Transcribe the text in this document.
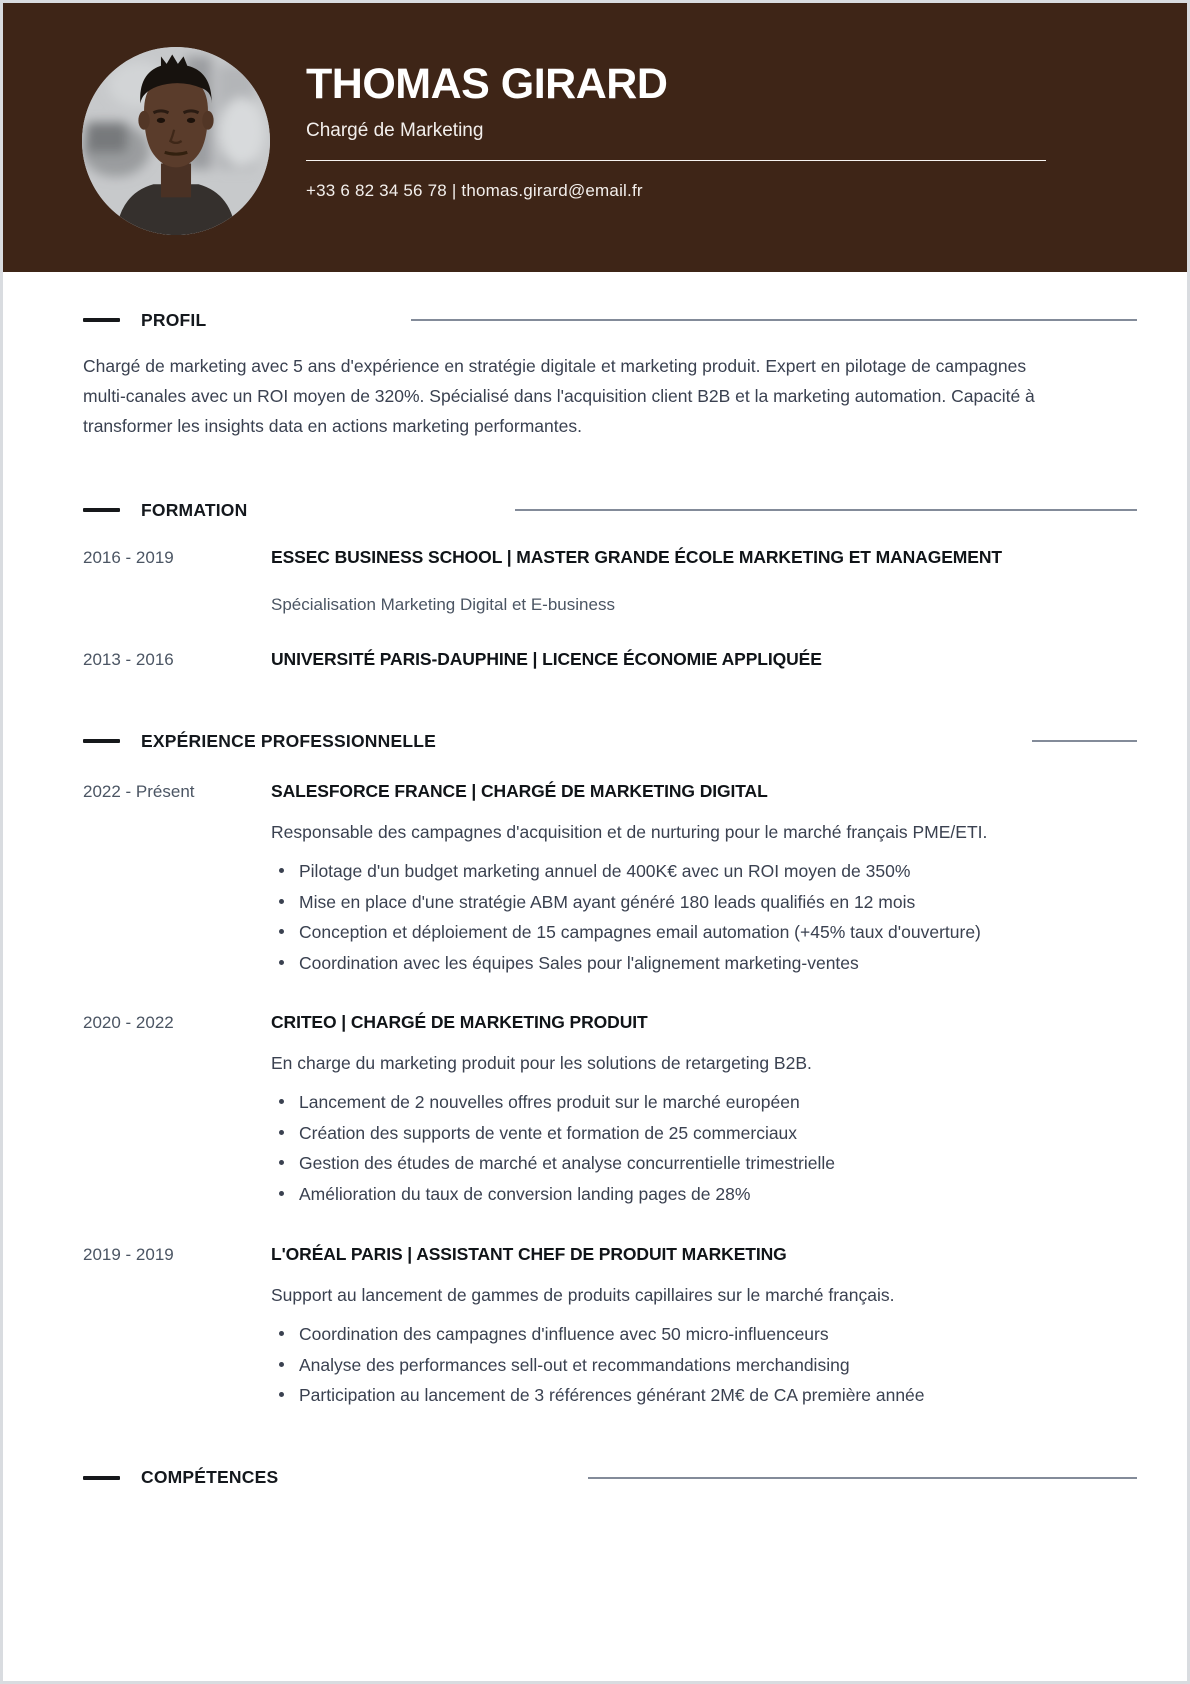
THOMAS GIRARD
Chargé de Marketing
+33 6 82 34 56 78 | thomas.girard@email.fr
PROFIL

Chargé de marketing avec 5 ans d'expérience en stratégie digitale et marketing produit. Expert en pilotage de campagnes multi-canales avec un ROI moyen de 320%. Spécialisé dans l'acquisition client B2B et la marketing automation. Capacité à transformer les insights data en actions marketing performantes.

FORMATION
2016 - 2019	ESSEC BUSINESS SCHOOL | MASTER GRANDE ÉCOLE MARKETING ET MANAGEMENT
Spécialisation Marketing Digital et E-business
2013 - 2016	UNIVERSITÉ PARIS-DAUPHINE | LICENCE ÉCONOMIE APPLIQUÉE
EXPÉRIENCE PROFESSIONNELLE
2022 - Présent	SALESFORCE FRANCE | CHARGÉ DE MARKETING DIGITAL
Responsable des campagnes d'acquisition et de nurturing pour le marché français PME/ETI.
Pilotage d'un budget marketing annuel de 400K€ avec un ROI moyen de 350%
Mise en place d'une stratégie ABM ayant généré 180 leads qualifiés en 12 mois
Conception et déploiement de 15 campagnes email automation (+45% taux d'ouverture)
Coordination avec les équipes Sales pour l'alignement marketing-ventes
2020 - 2022	CRITEO | CHARGÉ DE MARKETING PRODUIT
En charge du marketing produit pour les solutions de retargeting B2B.
Lancement de 2 nouvelles offres produit sur le marché européen
Création des supports de vente et formation de 25 commerciaux
Gestion des études de marché et analyse concurrentielle trimestrielle
Amélioration du taux de conversion landing pages de 28%
2019 - 2019	L'ORÉAL PARIS | ASSISTANT CHEF DE PRODUIT MARKETING
Support au lancement de gammes de produits capillaires sur le marché français.
Coordination des campagnes d'influence avec 50 micro-influenceurs
Analyse des performances sell-out et recommandations merchandising
Participation au lancement de 3 références générant 2M€ de CA première année
COMPÉTENCES
